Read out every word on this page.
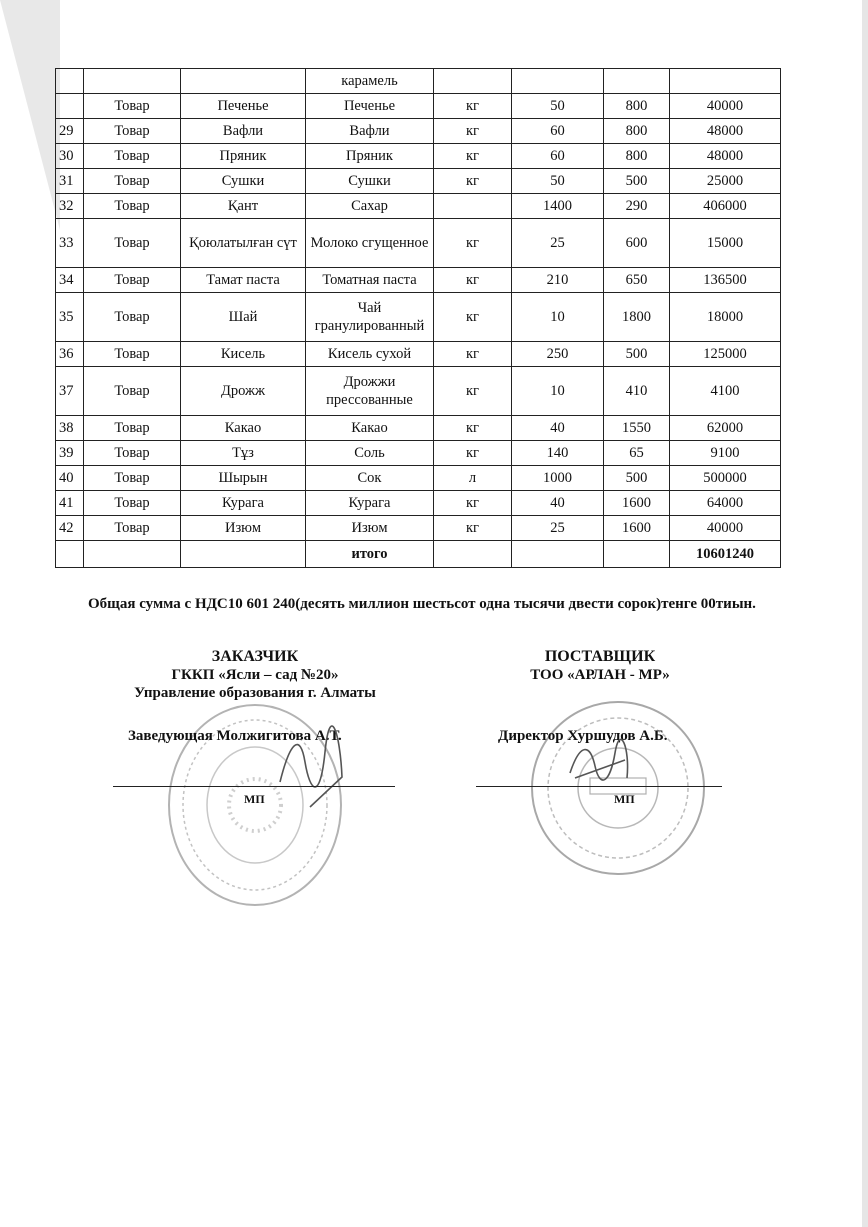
			карамель				
	Товар	Печенье	Печенье	кг	50	800	40000
29	Товар	Вафли	Вафли	кг	60	800	48000
30	Товар	Пряник	Пряник	кг	60	800	48000
31	Товар	Сушки	Сушки	кг	50	500	25000
32	Товар	Қант	Сахар		1400	290	406000
33	Товар	Қоюлатылған сүт	Молоко сгущенное	кг	25	600	15000
34	Товар	Тамат паста	Томатная паста	кг	210	650	136500
35	Товар	Шай	Чай гранулированный	кг	10	1800	18000
36	Товар	Кисель	Кисель сухой	кг	250	500	125000
37	Товар	Дрожж	Дрожжи прессованные	кг	10	410	4100
38	Товар	Какао	Какао	кг	40	1550	62000
39	Товар	Тұз	Соль	кг	140	65	9100
40	Товар	Шырын	Сок	л	1000	500	500000
41	Товар	Курага	Курага	кг	40	1600	64000
42	Товар	Изюм	Изюм	кг	25	1600	40000
			итого				10601240
Общая сумма с НДС10 601 240(десять миллион шестьсот одна тысячи двести сорок)тенге 00тиын.
ЗАКАЗЧИК
ГККП «Ясли – сад №20»
Управление образования г. Алматы
ПОСТАВЩИК
ТОО «АРЛАН - МР»
Заведующая Молжигитова А.Т.	Директор Хуршудов А.Б.
МП	МП
